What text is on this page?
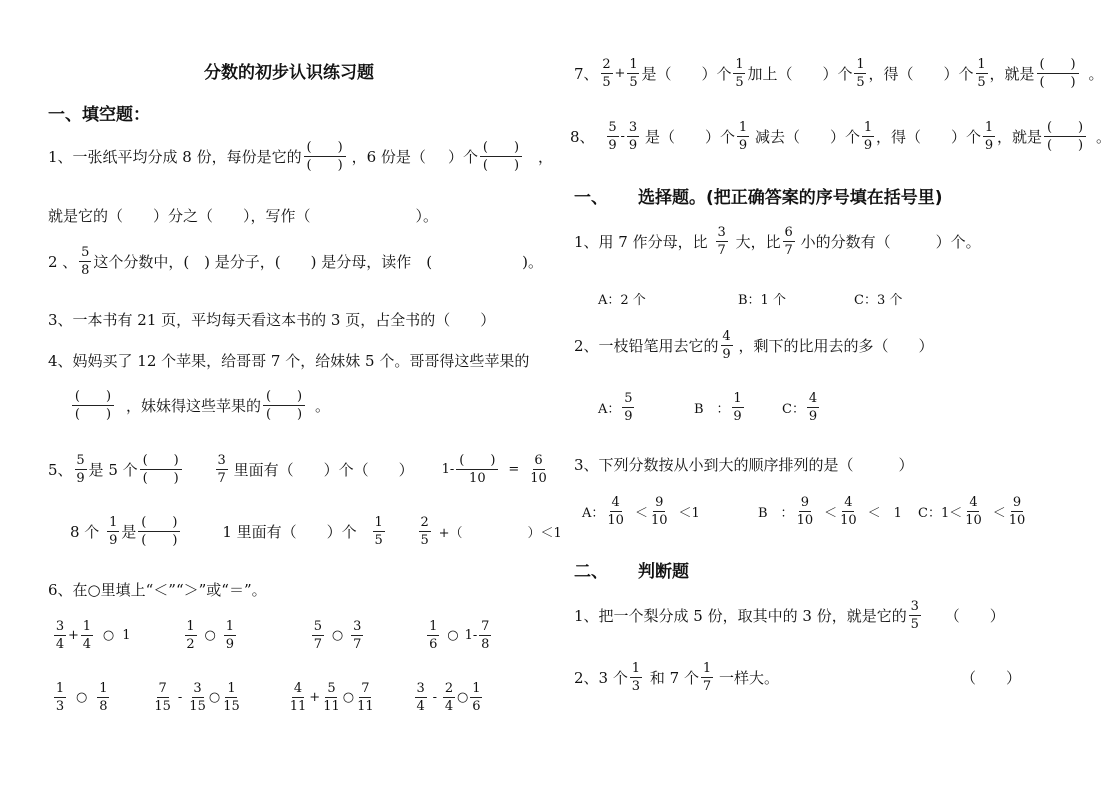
分数的初步认识练习题
一、填空题：
1、一张纸平均分成 8 份，每份是它的 $\frac{( )}{( )}$ ，6 份是（ ）个 $\frac{( )}{( )}$ ，
就是它的（　　）分之（　　），写作（　　　　　　　）。
2 、 $\frac{5}{8}$ 这个分数中，(　) 是分子，(　　) 是分母，读作　(　　　　　　)。
3、一本书有 21 页，平均每天看这本书的 3 页，占全书的（　　）
4、妈妈买了 12 个苹果，给哥哥 7 个，给妹妹 5 个。哥哥得这些苹果的
$\frac{( )}{( )}$ ，妹妹得这些苹果的 $\frac{( )}{( )}$ 。
5、 $\frac{5}{9}$ 是 5 个 $\frac{( )}{( )}$	$\frac{3}{7}$ 里面有（　　）个（　　） $1- \frac{( )}{10} = \frac{6}{10}$
8 个 $\frac{1}{9}$ 是 $\frac{( )}{( )}$	1 里面有（　　）个 $\frac{1}{5}$	$\frac{2}{5}$ +（　　　　　）＜1
6、在○里填上“＜”“＞”或“＝”。
$\frac{3}{4} + \frac{1}{4}$ ○ 1	$\frac{1}{2}$ ○ $\frac{1}{9}$	$\frac{5}{7}$ ○ $\frac{3}{7}$	$\frac{1}{6}$ ○ $1- \frac{7}{8}$
$\frac{1}{3}$ ○ $\frac{1}{8}$	$\frac{7}{15} - \frac{3}{15}$ ○ $\frac{1}{15}$	$\frac{4}{11} + \frac{5}{11}$ ○ $\frac{7}{11}$	$\frac{3}{4} - \frac{2}{4}$ ○ $\frac{1}{6}$
7、 $\frac{2}{5} + \frac{1}{5}$ 是（　　）个 $\frac{1}{5}$ 加上（　　）个 $\frac{1}{5}$ ，得（　　）个 $\frac{1}{5}$ ，就是 $\frac{( )}{( )}$ 。
8、 $\frac{5}{9} - \frac{3}{9}$ 是（　　）个 $\frac{1}{9}$ 减去（　　）个 $\frac{1}{9}$ ，得（　　）个 $\frac{1}{9}$ ，就是 $\frac{( )}{( )}$ 。
一、 选择题。(把正确答案的序号填在括号里)
1、用 7 作分母，比 $\frac{3}{7}$ 大，比 $\frac{6}{7}$ 小的分数有（　　　）个。
A：2 个	B：1 个	C：3 个
2、一枝铅笔用去它的 $\frac{4}{9}$ ，剩下的比用去的多（　　）
A： $\frac{5}{9}$	B　： $\frac{1}{9}$	C： $\frac{4}{9}$
3、下列分数按从小到大的顺序排列的是（　　　）
A： $\frac{4}{10} < \frac{9}{10} <1$	B　： $\frac{9}{10} < \frac{4}{10}$ ＜　1 C：$1< \frac{4}{10} < \frac{9}{10}$
二、 判断题
1、把一个梨分成 5 份，取其中的 3 份，就是它的 $\frac{3}{5}$ （　　）
2、3 个 $\frac{1}{3}$ 和 7 个 $\frac{1}{7}$ 一样大。	（　　）
